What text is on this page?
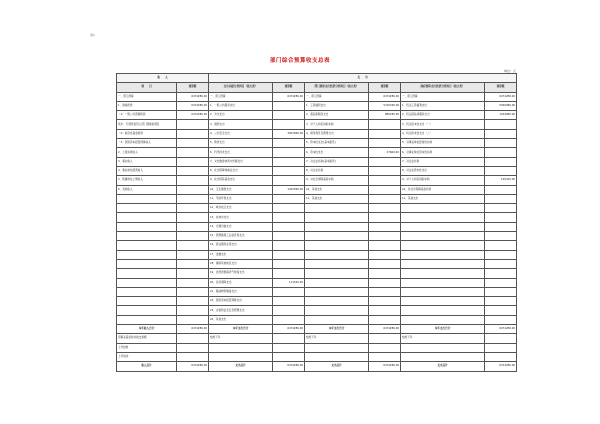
表1
部门综合预算收支总表
单位：元
收　　入		支　　出					
项　　目	预算数	支出功能分类科目（按大类）	预算数	部门预算支出经济分类科目（按大类）	预算数	政府预算支出经济分类科目（按大类）	预算数
一、部门预算	6474286.00	一、部门预算	6474286.00	一、部门预算	6474286.00	一、部门预算	6474286.00
1、财政拨款	6474286.00	1、一般公共服务支出		1、工资福利支出	5316346.00	1、机关工资福利支出	5096986.00
（1）一般公共预算拨款	6474286.00	2、外交支出		2、商品和服务支出	880280.00	2、机关商品和服务支出	1249980.00
其中：专项资金列入部门预算的项目		3、国防支出		3、对个人和家庭的补助		3、机关资本性支出（一）	
（2）政府性基金拨款		4、公共安全支出	3901866.00	4、债务利息及费用支出		4、机关资本性支出（二）	
（3）国有资本经营预算收入		5、教育支出		5、资本性支出(基本建设)		5、对事业单位经常性补助	
2、上级补助收入		6、科学技术支出		6、资本性支出	27660.00	6、对事业单位资本性补助	
3、事业收入		7、文化旅游体育与传媒支出		7、对企业补助(基本建设)		7、对企业补助	
4、事业单位经营收入		8、社会保障和就业支出		8、对企业补助		8、对企业资本性支出	
5、附属单位上缴收入		9、社会保险基金支出		9、对社会保障基金补助		9、对个人和家庭的补助	126320.00
6、其他收入		10、卫生健康支出	1403090.00	10、其他支出		10、对社会保障基金补助	
		11、节能环保支出		11、其他支出		11、其他支出	
		12、城乡社区支出					
		13、农林水支出					
		14、交通运输支出					
		15、资源勘探工业信息等支出					
		16、商业服务业等支出					
		17、金融支出					
		18、援助其他地区支出					
		19、自然资源海洋气象等支出					
		20、住房保障支出	111520.00				
		21、粮油物资储备支出					
		22、国有资本经营预算支出					
		23、灾害防治及应急管理支出					
		24、其他支出					
本年收入合计	6474286.00	本年支出合计	6474286.00	本年支出合计	6474286.00	本年支出合计	6474286.00
用事业基金弥补收支差额		结转下年		结转下年		结转下年	
上年结转							
上年结余							
收入总计	6474286.00	支出总计	6474286.00	支出总计	6474286.00	支出总计	6474286.00
